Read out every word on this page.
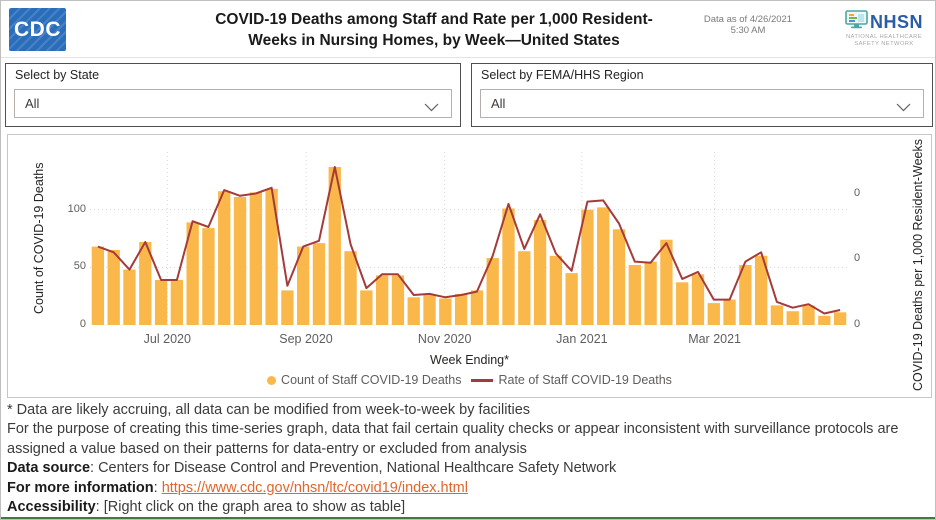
CDC	COVID-19 Deaths among Staff and Rate per 1,000 Resident-
Weeks in Nursing Homes, by Week—United States
Data as of 4/26/2021
5:30 AM	NHSN
NATIONAL HEALTHCARE
SAFETY NETWORK
Select by State
All
Select by FEMA/HHS Region
All
Count of COVID-19 Deaths
0
50
100
0
0
0	COVID-19 Deaths per 1,000 Resident-Weeks
Jul 2020	Sep 2020	Nov 2020	Jan 2021	Mar 2021
Week Ending*
Count of Staff COVID-19 Deaths	Rate of Staff COVID-19 Deaths
* Data are likely accruing, all data can be modified from week-to-week by facilities
For the purpose of creating this time-series graph, data that fail certain quality checks or appear inconsistent with surveillance protocols are assigned a value based on their patterns for data-entry or excluded from analysis
Data source: Centers for Disease Control and Prevention, National Healthcare Safety Network
For more information: https://www.cdc.gov/nhsn/ltc/covid19/index.html
Accessibility: [Right click on the graph area to show as table]
